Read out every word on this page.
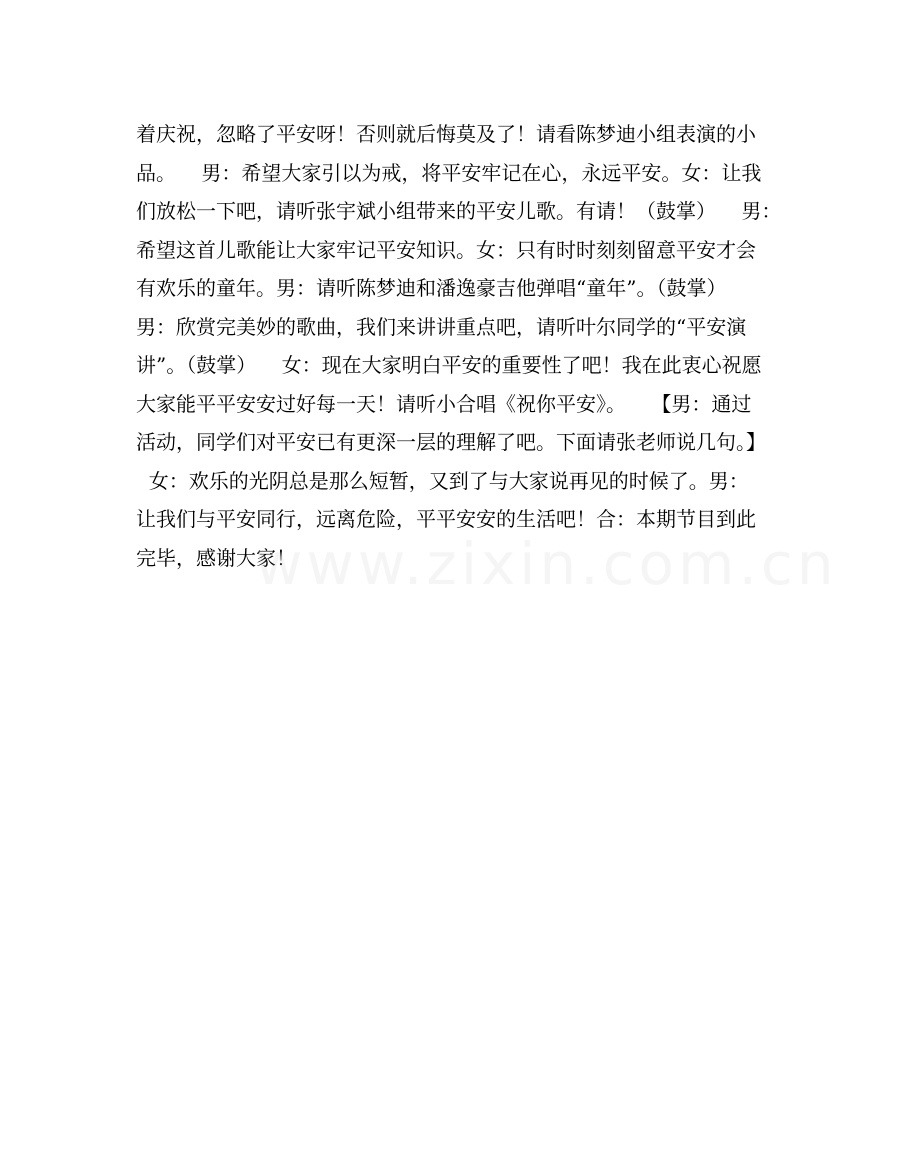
着庆祝，忽略了平安呀！否则就后悔莫及了！请看陈梦迪小组表演的小
品。    男：希望大家引以为戒，将平安牢记在心，永远平安。女：让我
们放松一下吧，请听张宇斌小组带来的平安儿歌。有请！（鼓掌）    男：
希望这首儿歌能让大家牢记平安知识。女：只有时时刻刻留意平安才会
有欢乐的童年。男：请听陈梦迪和潘逸豪吉他弹唱“童年”。（鼓掌）
男：欣赏完美妙的歌曲，我们来讲讲重点吧，请听叶尔同学的“平安演
讲”。（鼓掌）    女：现在大家明白平安的重要性了吧！我在此衷心祝愿
大家能平平安安过好每一天！请听小合唱《祝你平安》。    【男：通过
活动，同学们对平安已有更深一层的理解了吧。下面请张老师说几句。】
女：欢乐的光阴总是那么短暂，又到了与大家说再见的时候了。男：
让我们与平安同行，远离危险，平平安安的生活吧！合：本期节目到此
完毕，感谢大家！
www.zixin.com.cn
